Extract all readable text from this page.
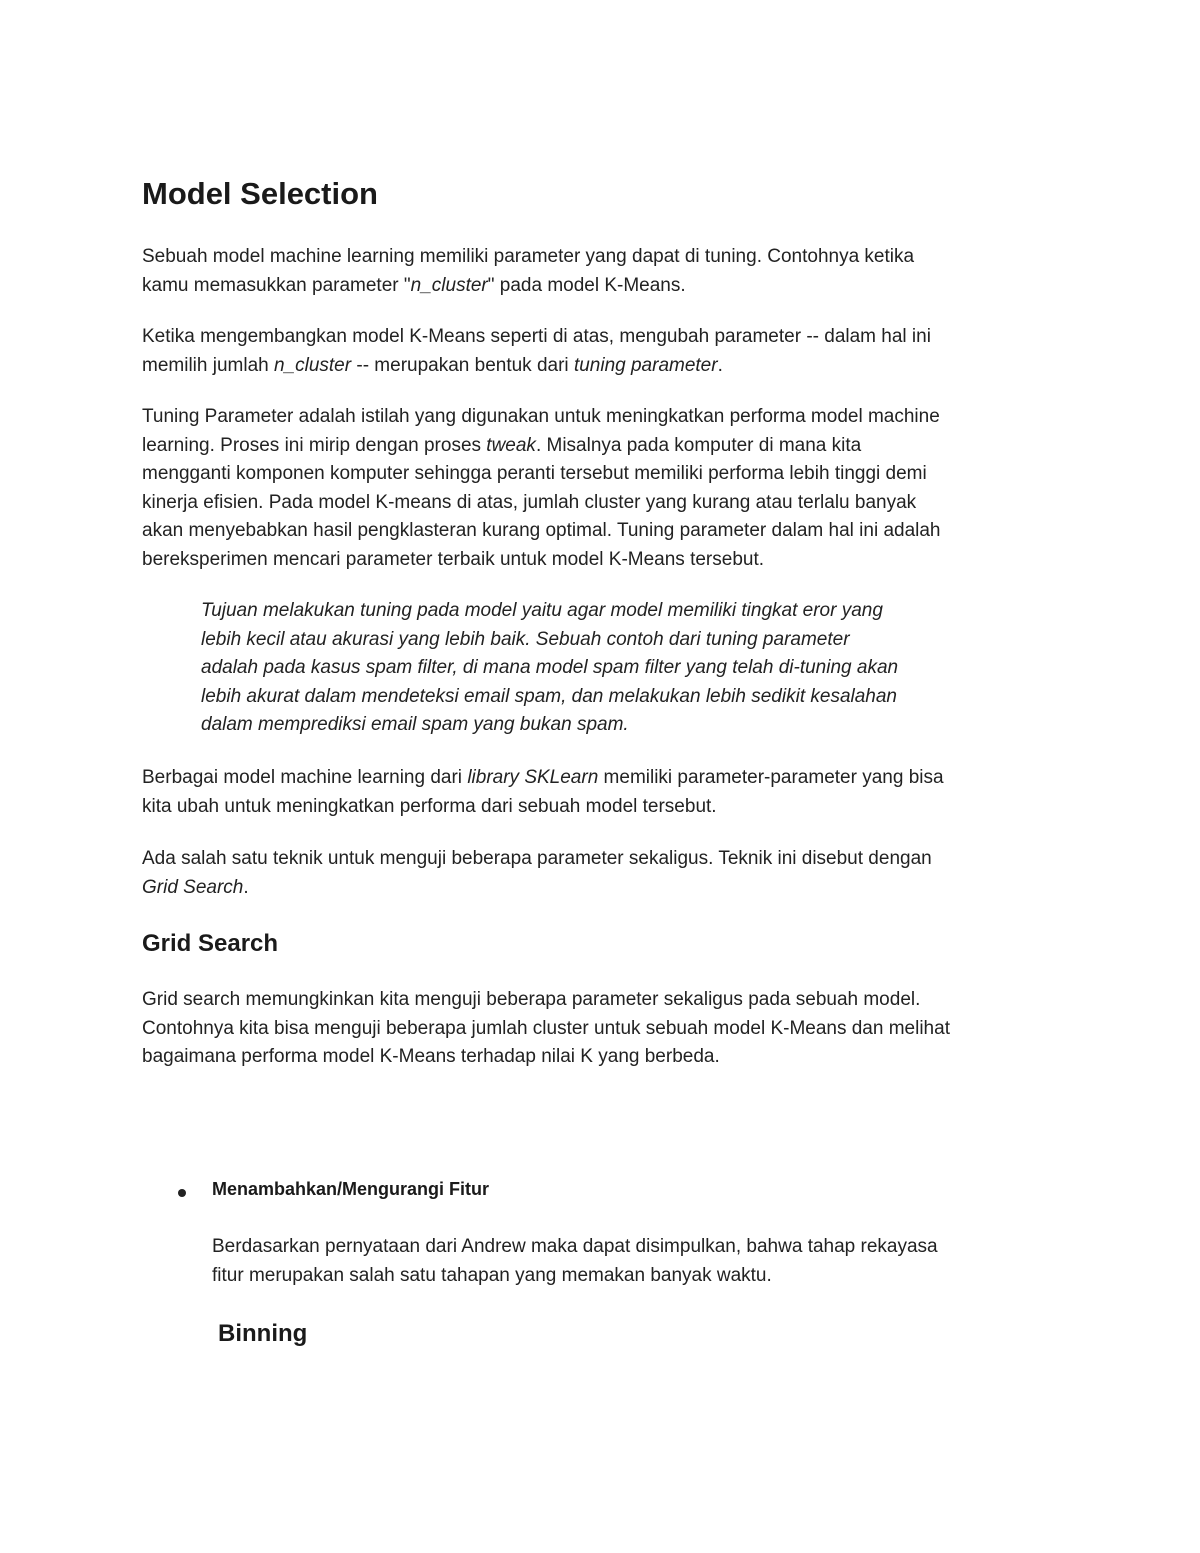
Model Selection

Sebuah model machine learning memiliki parameter yang dapat di tuning. Contohnya ketika
kamu memasukkan parameter "n_cluster" pada model K-Means.

Ketika mengembangkan model K-Means seperti di atas, mengubah parameter -- dalam hal ini
memilih jumlah n_cluster -- merupakan bentuk dari tuning parameter.

Tuning Parameter adalah istilah yang digunakan untuk meningkatkan performa model machine
learning. Proses ini mirip dengan proses tweak. Misalnya pada komputer di mana kita
mengganti komponen komputer sehingga peranti tersebut memiliki performa lebih tinggi demi
kinerja efisien. Pada model K-means di atas, jumlah cluster yang kurang atau terlalu banyak
akan menyebabkan hasil pengklasteran kurang optimal. Tuning parameter dalam hal ini adalah
bereksperimen mencari parameter terbaik untuk model K-Means tersebut.

Tujuan melakukan tuning pada model yaitu agar model memiliki tingkat eror yang
lebih kecil atau akurasi yang lebih baik. Sebuah contoh dari tuning parameter
adalah pada kasus spam filter, di mana model spam filter yang telah di-tuning akan
lebih akurat dalam mendeteksi email spam, dan melakukan lebih sedikit kesalahan
dalam memprediksi email spam yang bukan spam.

Berbagai model machine learning dari library SKLearn memiliki parameter-parameter yang bisa
kita ubah untuk meningkatkan performa dari sebuah model tersebut.

Ada salah satu teknik untuk menguji beberapa parameter sekaligus. Teknik ini disebut dengan
Grid Search.

Grid Search

Grid search memungkinkan kita menguji beberapa parameter sekaligus pada sebuah model.
Contohnya kita bisa menguji beberapa jumlah cluster untuk sebuah model K-Means dan melihat
bagaimana performa model K-Means terhadap nilai K yang berbeda.

Menambahkan/Mengurangi Fitur

Berdasarkan pernyataan dari Andrew maka dapat disimpulkan, bahwa tahap rekayasa
fitur merupakan salah satu tahapan yang memakan banyak waktu.

Binning
